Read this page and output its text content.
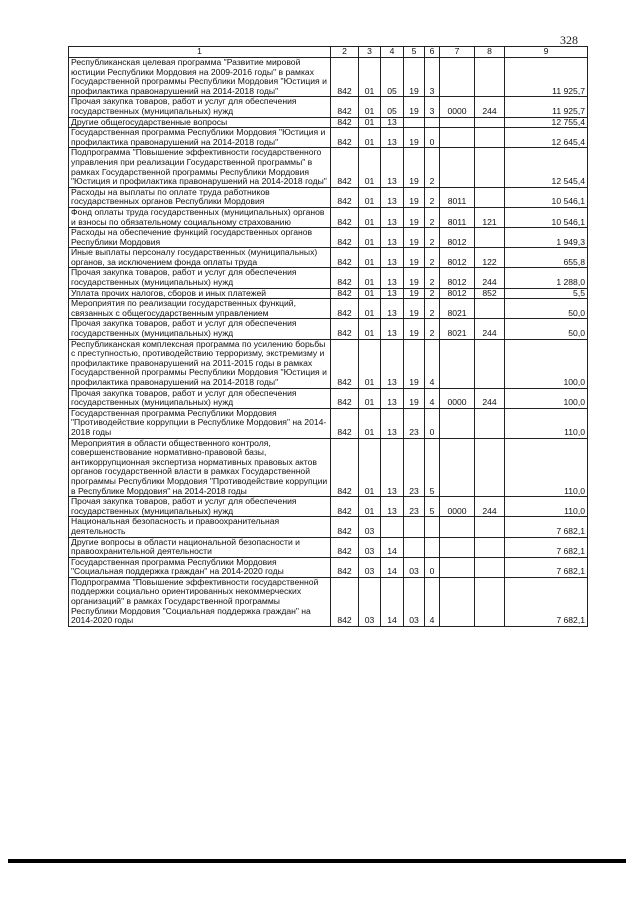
328
1	2	3	4	5	6	7	8	9
Республиканская целевая программа "Развитие мировой юстиции Республики Мордовия на 2009-2016 годы" в рамках Государственной программы Республики Мордовия "Юстиция и профилактика правонарушений на 2014-2018 годы"	842	01	05	19	3			11 925,7
Прочая закупка товаров, работ и услуг для обеспечения государственных (муниципальных) нужд	842	01	05	19	3	0000	244	11 925,7
Другие общегосударственные вопросы	842	01	13					12 755,4
Государственная программа Республики Мордовия "Юстиция и профилактика правонарушений на 2014-2018 годы"	842	01	13	19	0			12 645,4
Подпрограмма "Повышение эффективности государственного управления при реализации Государственной программы" в рамках Государственной программы Республики Мордовия "Юстиция и профилактика правонарушений на 2014-2018 годы"	842	01	13	19	2			12 545,4
Расходы на выплаты по оплате труда работников государственных органов Республики Мордовия	842	01	13	19	2	8011		10 546,1
Фонд оплаты труда государственных (муниципальных) органов и взносы по обязательному социальному страхованию	842	01	13	19	2	8011	121	10 546,1
Расходы на обеспечение функций государственных органов Республики Мордовия	842	01	13	19	2	8012		1 949,3
Иные выплаты персоналу государственных (муниципальных) органов, за исключением фонда оплаты труда	842	01	13	19	2	8012	122	655,8
Прочая закупка товаров, работ и услуг для обеспечения государственных (муниципальных) нужд	842	01	13	19	2	8012	244	1 288,0
Уплата прочих налогов, сборов и иных платежей	842	01	13	19	2	8012	852	5,5
Мероприятия по реализации государственных функций, связанных с общегосударственным управлением	842	01	13	19	2	8021		50,0
Прочая закупка товаров, работ и услуг для обеспечения государственных (муниципальных) нужд	842	01	13	19	2	8021	244	50,0
Республиканская комплексная программа по усилению борьбы с преступностью, противодействию терроризму, экстремизму и профилактике правонарушений на 2011-2015 годы в рамках Государственной программы Республики Мордовия "Юстиция и профилактика правонарушений на 2014-2018 годы"	842	01	13	19	4			100,0
Прочая закупка товаров, работ и услуг для обеспечения государственных (муниципальных) нужд	842	01	13	19	4	0000	244	100,0
Государственная программа Республики Мордовия "Противодействие коррупции в Республике Мордовия" на 2014-2018 годы	842	01	13	23	0			110,0
Мероприятия в области общественного контроля, совершенствование нормативно-правовой базы, антикоррупционная экспертиза нормативных правовых актов органов государственной власти в рамках Государственной программы Республики Мордовия "Противодействие коррупции в Республике Мордовия" на 2014-2018 годы	842	01	13	23	5			110,0
Прочая закупка товаров, работ и услуг для обеспечения государственных (муниципальных) нужд	842	01	13	23	5	0000	244	110,0
Национальная безопасность и правоохранительная деятельность	842	03						7 682,1
Другие вопросы в области национальной безопасности и правоохранительной деятельности	842	03	14					7 682,1
Государственная программа Республики Мордовия "Социальная поддержка граждан" на 2014-2020 годы	842	03	14	03	0			7 682,1
Подпрограмма "Повышение эффективности государственной поддержки социально ориентированных некоммерческих организаций" в рамках Государственной программы Республики Мордовия "Социальная поддержка граждан" на 2014-2020 годы	842	03	14	03	4			7 682,1
